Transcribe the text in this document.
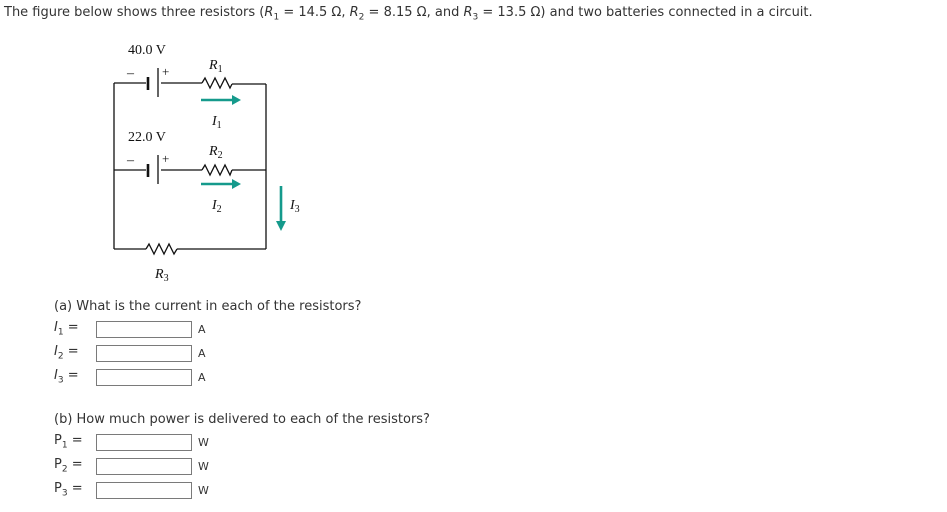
The figure below shows three resistors ($R_1 = 14.5$ Ω, $R_2 = 8.15$ Ω, and $R_3 = 13.5$ Ω) and two batteries connected in a circuit.
40.0 V
22.0 V
– +
– +
$R_1$
$I_1$
$R_2$
$I_2$	$I_3$
$R_3$
(a) What is the current in each of the resistors?
$I_1$ =	A
$I_2$ =	A
$I_3$ =	A
(b) How much power is delivered to each of the resistors?
$P_1$ =	W
$P_2$ =	W
$P_3$ =	W
